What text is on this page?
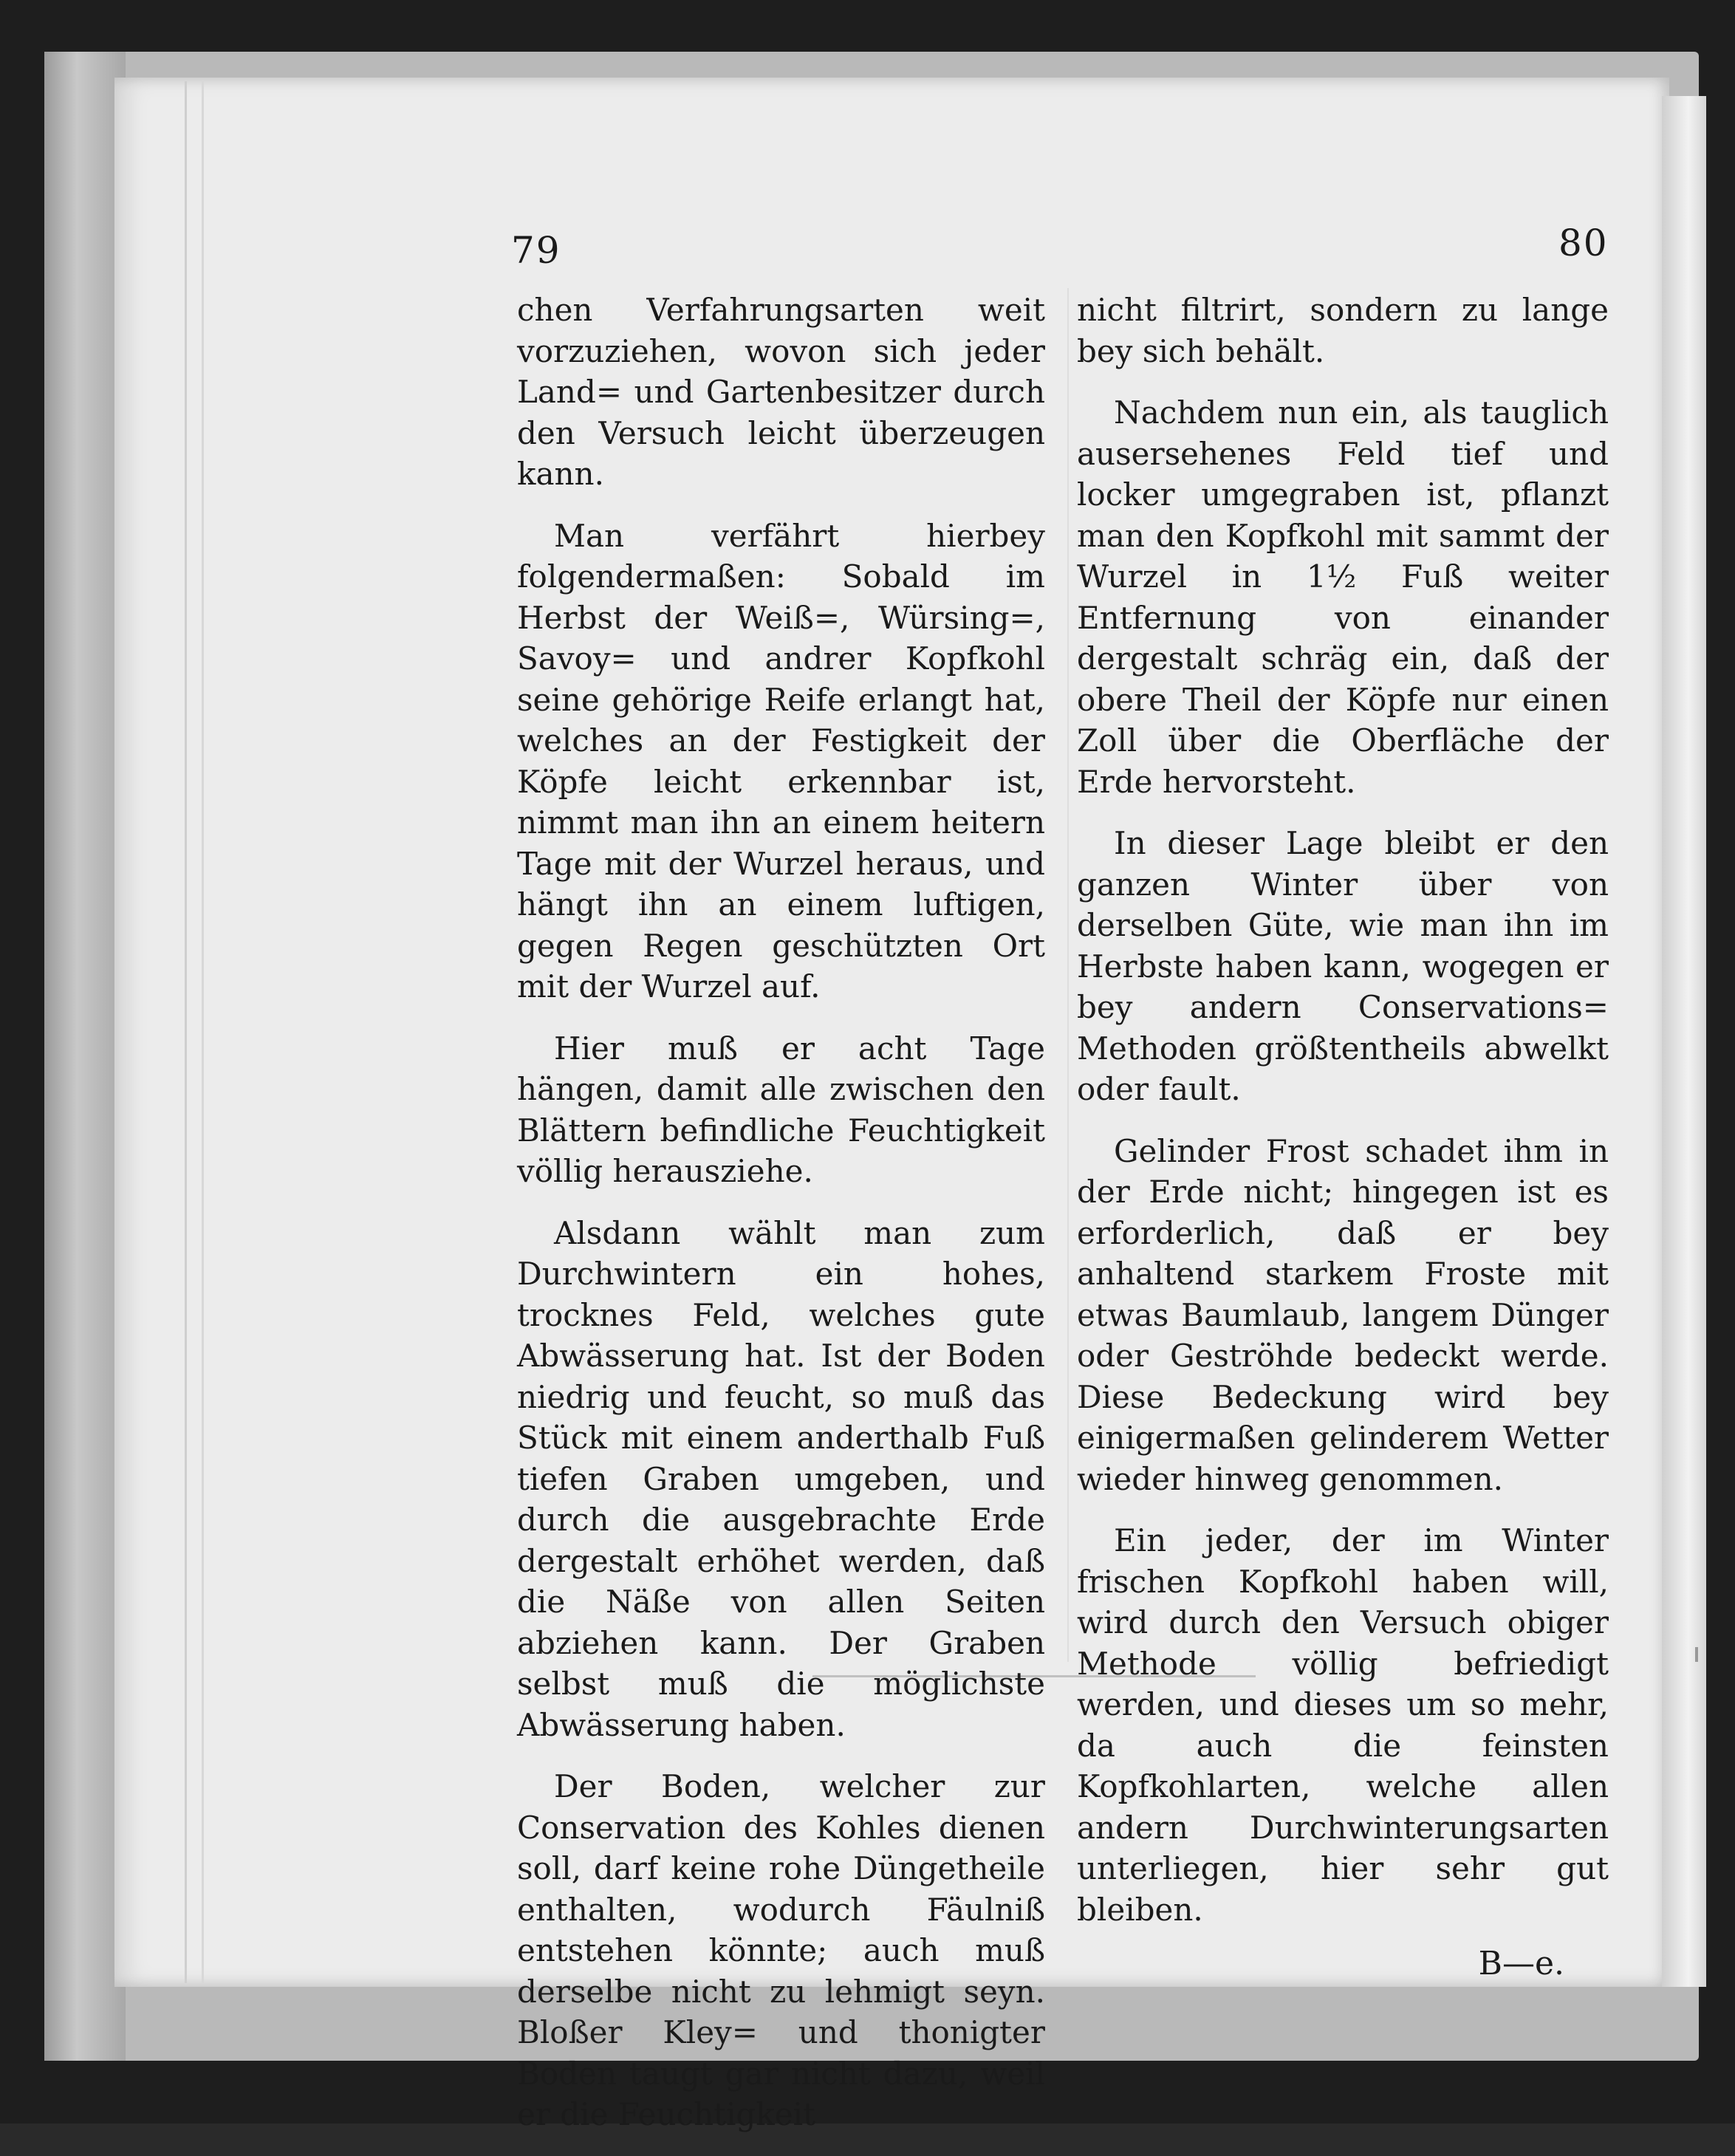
79	80

chen Verfahrungsarten weit vorzuziehen, wovon sich jeder Land= und Gartenbesitzer durch den Versuch leicht überzeugen kann.

Man verfährt hierbey folgendermaßen: Sobald im Herbst der Weiß=, Würsing=, Savoy= und andrer Kopfkohl seine gehörige Reife erlangt hat, welches an der Festigkeit der Köpfe leicht erkennbar ist, nimmt man ihn an einem heitern Tage mit der Wurzel heraus, und hängt ihn an einem luftigen, gegen Regen geschützten Ort mit der Wurzel auf.

Hier muß er acht Tage hängen, damit alle zwischen den Blättern befindliche Feuchtigkeit völlig herausziehe.

Alsdann wählt man zum Durchwintern ein hohes, trocknes Feld, welches gute Abwässerung hat. Ist der Boden niedrig und feucht, so muß das Stück mit einem anderthalb Fuß tiefen Graben umgeben, und durch die ausgebrachte Erde dergestalt erhöhet werden, daß die Näße von allen Seiten abziehen kann. Der Graben selbst muß die möglichste Abwässerung haben.

Der Boden, welcher zur Conservation des Kohles dienen soll, darf keine rohe Düngetheile enthalten, wodurch Fäulniß entstehen könnte; auch muß derselbe nicht zu lehmigt seyn. Bloßer Kley= und thonigter Boden taugt gar nicht dazu, weil er die Feuchtigkeit

nicht filtrirt, sondern zu lange bey sich behält.

Nachdem nun ein, als tauglich ausersehenes Feld tief und locker umgegraben ist, pflanzt man den Kopfkohl mit sammt der Wurzel in 1½ Fuß weiter Entfernung von einander dergestalt schräg ein, daß der obere Theil der Köpfe nur einen Zoll über die Oberfläche der Erde hervorsteht.

In dieser Lage bleibt er den ganzen Winter über von derselben Güte, wie man ihn im Herbste haben kann, wogegen er bey andern Conservations= Methoden größtentheils abwelkt oder fault.

Gelinder Frost schadet ihm in der Erde nicht; hingegen ist es erforderlich, daß er bey anhaltend starkem Froste mit etwas Baumlaub, langem Dünger oder Geströhde bedeckt werde. Diese Bedeckung wird bey einigermaßen gelinderem Wetter wieder hinweg genommen.

Ein jeder, der im Winter frischen Kopfkohl haben will, wird durch den Versuch obiger Methode völlig befriedigt werden, und dieses um so mehr, da auch die feinsten Kopfkohlarten, welche allen andern Durchwinterungsarten unterliegen, hier sehr gut bleiben.

B—e.
